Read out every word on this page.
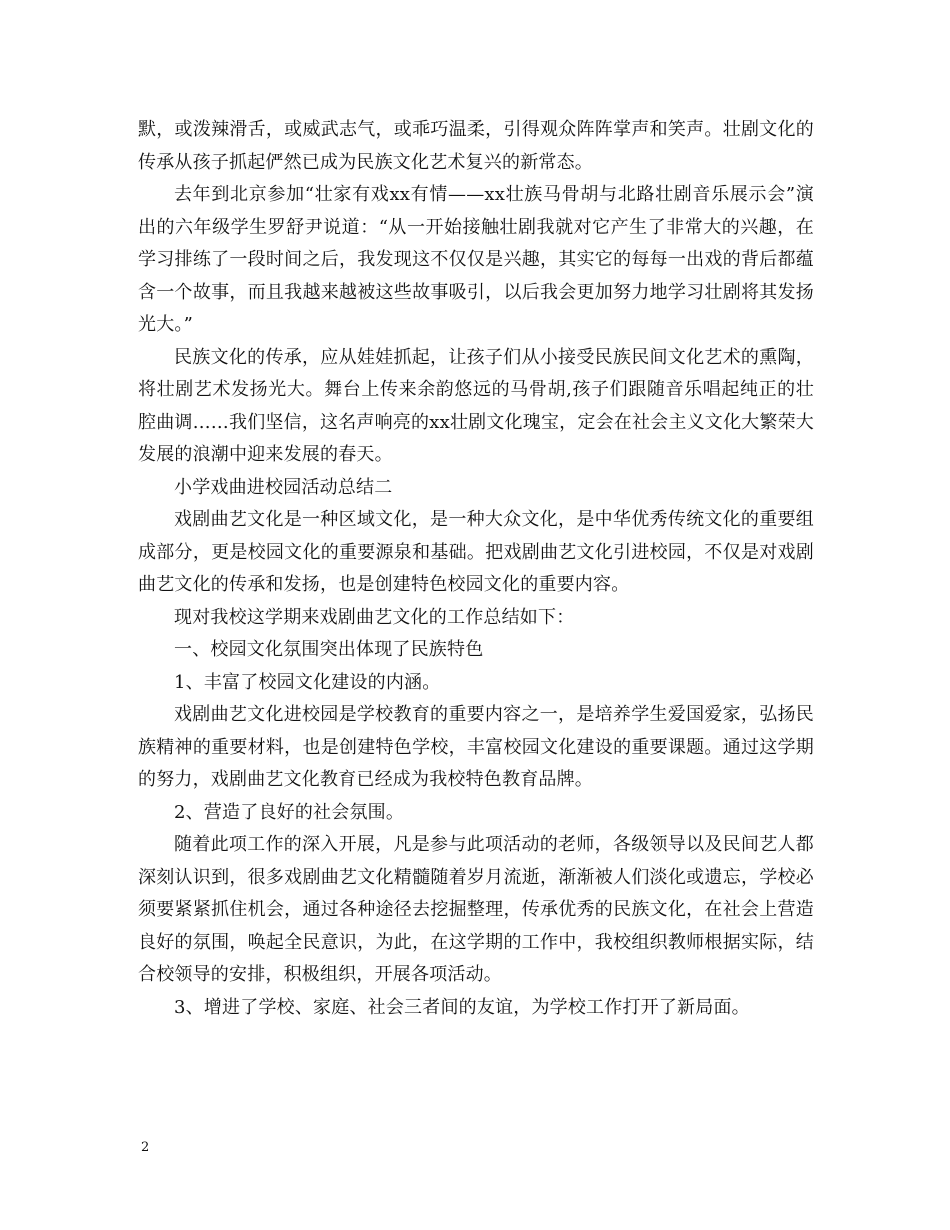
默，或泼辣滑舌，或威武志气，或乖巧温柔，引得观众阵阵掌声和笑声。壮剧文化的传承从孩子抓起俨然已成为民族文化艺术复兴的新常态。

去年到北京参加“壮家有戏xx有情——xx壮族马骨胡与北路壮剧音乐展示会”演出的六年级学生罗舒尹说道：“从一开始接触壮剧我就对它产生了非常大的兴趣，在学习排练了一段时间之后，我发现这不仅仅是兴趣，其实它的每每一出戏的背后都蕴含一个故事，而且我越来越被这些故事吸引，以后我会更加努力地学习壮剧将其发扬光大。”

民族文化的传承，应从娃娃抓起，让孩子们从小接受民族民间文化艺术的熏陶，将壮剧艺术发扬光大。舞台上传来余韵悠远的马骨胡,孩子们跟随音乐唱起纯正的壮腔曲调……我们坚信，这名声响亮的xx壮剧文化瑰宝，定会在社会主义文化大繁荣大发展的浪潮中迎来发展的春天。

小学戏曲进校园活动总结二

戏剧曲艺文化是一种区域文化，是一种大众文化，是中华优秀传统文化的重要组成部分，更是校园文化的重要源泉和基础。把戏剧曲艺文化引进校园，不仅是对戏剧曲艺文化的传承和发扬，也是创建特色校园文化的重要内容。

现对我校这学期来戏剧曲艺文化的工作总结如下：

一、校园文化氛围突出体现了民族特色

1、丰富了校园文化建设的内涵。

戏剧曲艺文化进校园是学校教育的重要内容之一，是培养学生爱国爱家，弘扬民族精神的重要材料，也是创建特色学校，丰富校园文化建设的重要课题。通过这学期的努力，戏剧曲艺文化教育已经成为我校特色教育品牌。

2、营造了良好的社会氛围。

随着此项工作的深入开展，凡是参与此项活动的老师，各级领导以及民间艺人都深刻认识到，很多戏剧曲艺文化精髓随着岁月流逝，渐渐被人们淡化或遗忘，学校必须要紧紧抓住机会，通过各种途径去挖掘整理，传承优秀的民族文化，在社会上营造良好的氛围，唤起全民意识，为此，在这学期的工作中，我校组织教师根据实际，结合校领导的安排，积极组织，开展各项活动。

3、增进了学校、家庭、社会三者间的友谊，为学校工作打开了新局面。

2
